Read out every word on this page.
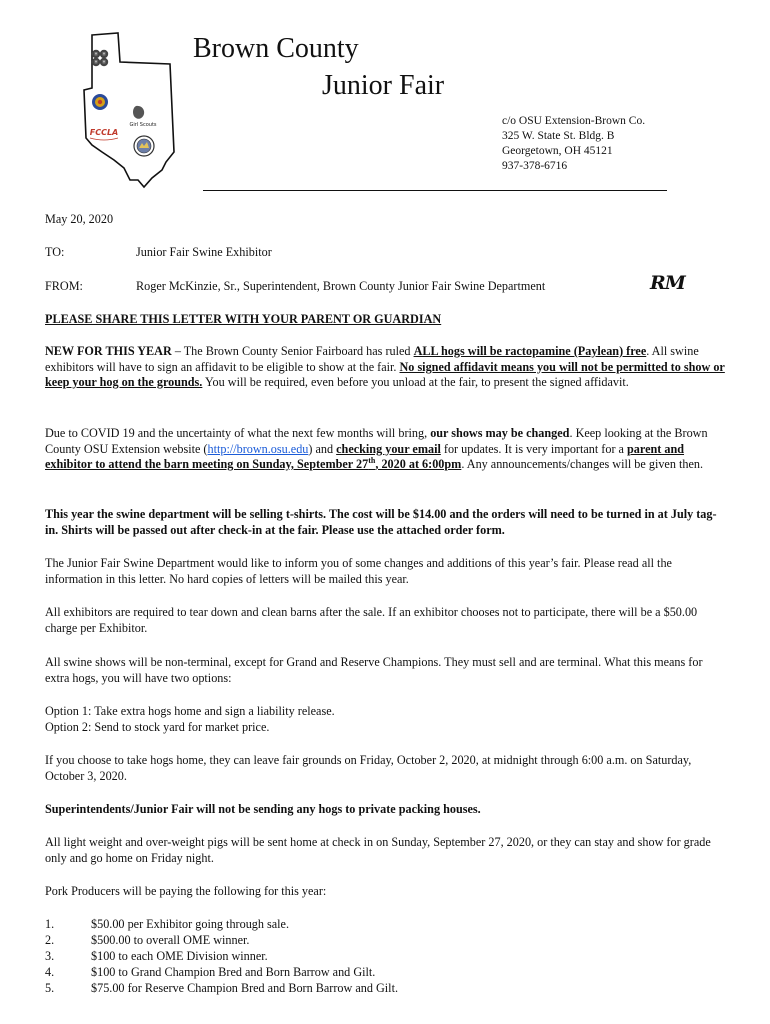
H H
H H
Girl Scouts
FCCLA
Brown County
Junior Fair
c/o OSU Extension-Brown Co.
325 W. State St. Bldg. B
Georgetown, OH 45121
937-378-6716
May 20, 2020
TO:	Junior Fair Swine Exhibitor
FROM:	Roger McKinzie, Sr., Superintendent, Brown County Junior Fair Swine Department	RM
PLEASE SHARE THIS LETTER WITH YOUR PARENT OR GUARDIAN
NEW FOR THIS YEAR – The Brown County Senior Fairboard has ruled ALL hogs will be ractopamine (Paylean) free. All swine exhibitors will have to sign an affidavit to be eligible to show at the fair. No signed affidavit means you will not be permitted to show or keep your hog on the grounds. You will be required, even before you unload at the fair, to present the signed affidavit.
Due to COVID 19 and the uncertainty of what the next few months will bring, our shows may be changed. Keep looking at the Brown County OSU Extension website (http://brown.osu.edu) and checking your email for updates. It is very important for a parent and exhibitor to attend the barn meeting on Sunday, September 27th, 2020 at 6:00pm. Any announcements/changes will be given then.
This year the swine department will be selling t-shirts. The cost will be $14.00 and the orders will need to be turned in at July tag-in. Shirts will be passed out after check-in at the fair. Please use the attached order form.
The Junior Fair Swine Department would like to inform you of some changes and additions of this year’s fair. Please read all the information in this letter. No hard copies of letters will be mailed this year.
All exhibitors are required to tear down and clean barns after the sale. If an exhibitor chooses not to participate, there will be a $50.00 charge per Exhibitor.
All swine shows will be non-terminal, except for Grand and Reserve Champions. They must sell and are terminal. What this means for extra hogs, you will have two options:
Option 1: Take extra hogs home and sign a liability release.
Option 2: Send to stock yard for market price.
If you choose to take hogs home, they can leave fair grounds on Friday, October 2, 2020, at midnight through 6:00 a.m. on Saturday, October 3, 2020.
Superintendents/Junior Fair will not be sending any hogs to private packing houses.
All light weight and over-weight pigs will be sent home at check in on Sunday, September 27, 2020, or they can stay and show for grade only and go home on Friday night.
Pork Producers will be paying the following for this year:
1.	$50.00 per Exhibitor going through sale.
2.	$500.00 to overall OME winner.
3.	$100 to each OME Division winner.
4.	$100 to Grand Champion Bred and Born Barrow and Gilt.
5.	$75.00 for Reserve Champion Bred and Born Barrow and Gilt.
